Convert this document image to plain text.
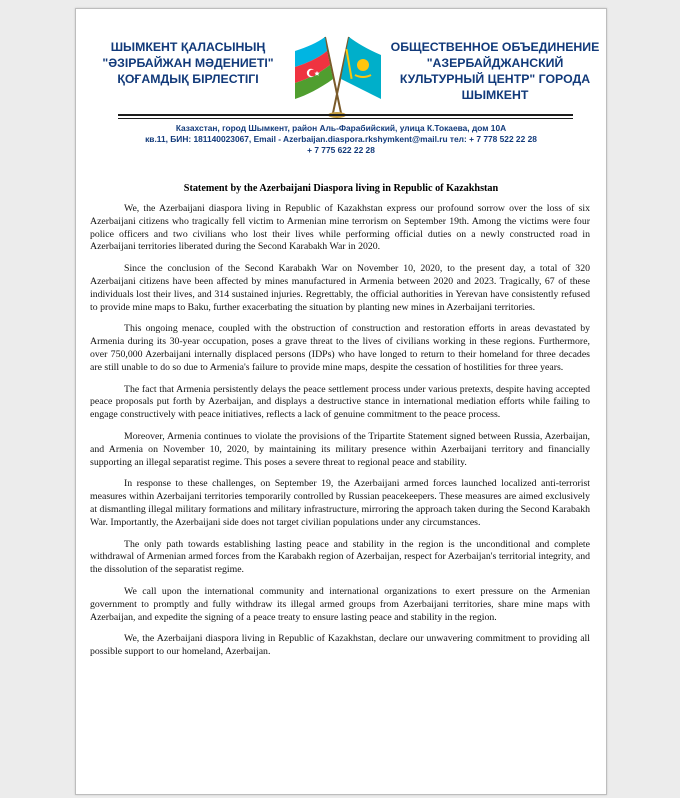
ШЫМКЕНТ ҚАЛАСЫНЫҢ
"ӘЗІРБАЙЖАН МӘДЕНИЕТІ"
ҚОҒАМДЫҚ БІРЛЕСТІГІ
ОБЩЕСТВЕННОЕ ОБЪЕДИНЕНИЕ
"АЗЕРБАЙДЖАНСКИЙ
КУЛЬТУРНЫЙ ЦЕНТР" ГОРОДА
ШЫМКЕНТ
Казахстан, город Шымкент, район Аль-Фарабийский, улица К.Токаева, дом 10А
кв.11, БИН: 181140023067, Email - Azerbaijan.diaspora.rkshymkent@mail.ru тел: + 7 778 522 22 28
+ 7 775 622 22 28
Statement by the Azerbaijani Diaspora living in Republic of Kazakhstan

We, the Azerbaijani diaspora living in Republic of Kazakhstan express our profound sorrow over the loss of six Azerbaijani citizens who tragically fell victim to Armenian mine terrorism on September 19th. Among the victims were four police officers and two civilians who lost their lives while performing official duties on a newly constructed road in Azerbaijani territories liberated during the Second Karabakh War in 2020.

Since the conclusion of the Second Karabakh War on November 10, 2020, to the present day, a total of 320 Azerbaijani citizens have been affected by mines manufactured in Armenia between 2020 and 2023. Tragically, 67 of these individuals lost their lives, and 314 sustained injuries. Regrettably, the official authorities in Yerevan have consistently refused to provide mine maps to Baku, further exacerbating the situation by planting new mines in Azerbaijani territories.

This ongoing menace, coupled with the obstruction of construction and restoration efforts in areas devastated by Armenia during its 30-year occupation, poses a grave threat to the lives of civilians working in these regions. Furthermore, over 750,000 Azerbaijani internally displaced persons (IDPs) who have longed to return to their homeland for three decades are still unable to do so due to Armenia's failure to provide mine maps, despite the cessation of hostilities for three years.

The fact that Armenia persistently delays the peace settlement process under various pretexts, despite having accepted peace proposals put forth by Azerbaijan, and displays a destructive stance in international mediation efforts while failing to engage constructively with peace initiatives, reflects a lack of genuine commitment to the peace process.

Moreover, Armenia continues to violate the provisions of the Tripartite Statement signed between Russia, Azerbaijan, and Armenia on November 10, 2020, by maintaining its military presence within Azerbaijani territory and financially supporting an illegal separatist regime. This poses a severe threat to regional peace and stability.

In response to these challenges, on September 19, the Azerbaijani armed forces launched localized anti-terrorist measures within Azerbaijani territories temporarily controlled by Russian peacekeepers. These measures are aimed exclusively at dismantling illegal military formations and military infrastructure, mirroring the approach taken during the Second Karabakh War. Importantly, the Azerbaijani side does not target civilian populations under any circumstances.

The only path towards establishing lasting peace and stability in the region is the unconditional and complete withdrawal of Armenian armed forces from the Karabakh region of Azerbaijan, respect for Azerbaijan's territorial integrity, and the dissolution of the separatist regime.

We call upon the international community and international organizations to exert pressure on the Armenian government to promptly and fully withdraw its illegal armed groups from Azerbaijani territories, share mine maps with Azerbaijan, and expedite the signing of a peace treaty to ensure lasting peace and stability in the region.

We, the Azerbaijani diaspora living in Republic of Kazakhstan, declare our unwavering commitment to providing all possible support to our homeland, Azerbaijan.
